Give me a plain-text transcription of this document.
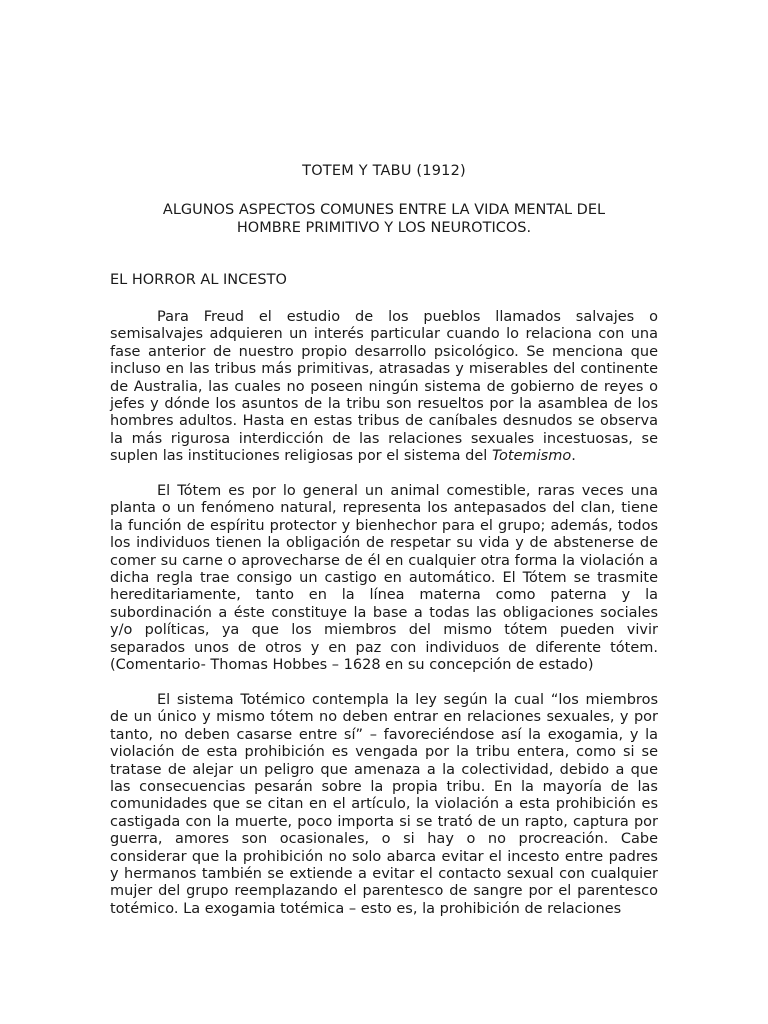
TOTEM Y TABU (1912)
ALGUNOS ASPECTOS COMUNES ENTRE LA VIDA MENTAL DEL
HOMBRE PRIMITIVO Y LOS NEUROTICOS.
EL HORROR AL INCESTO

Para Freud el estudio de los pueblos llamados salvajes o semisalvajes adquieren un interés particular cuando lo relaciona con una fase anterior de nuestro propio desarrollo psicológico. Se menciona que incluso en las tribus más primitivas, atrasadas y miserables del continente de Australia, las cuales no poseen ningún sistema de gobierno de reyes o jefes y dónde los asuntos de la tribu son resueltos por la asamblea de los hombres adultos. Hasta en estas tribus de caníbales desnudos se observa la más rigurosa interdicción de las relaciones sexuales incestuosas, se suplen las instituciones religiosas por el sistema del Totemismo.

El Tótem es por lo general un animal comestible, raras veces una planta o un fenómeno natural, representa los antepasados del clan, tiene la función de espíritu protector y bienhechor para el grupo; además, todos los individuos tienen la obligación de respetar su vida y de abstenerse de comer su carne o aprovecharse de él en cualquier otra forma la violación a dicha regla trae consigo un castigo en automático. El Tótem se trasmite hereditariamente, tanto en la línea materna como paterna y la subordinación a éste constituye la base a todas las obligaciones sociales y/o políticas, ya que los miembros del mismo tótem pueden vivir separados unos de otros y en paz con individuos de diferente tótem. (Comentario- Thomas Hobbes – 1628 en su concepción de estado)

El sistema Totémico contempla la ley según la cual “los miembros de un único y mismo tótem no deben entrar en relaciones sexuales, y por tanto, no deben casarse entre sí” – favoreciéndose así la exogamia, y la violación de esta prohibición es vengada por la tribu entera, como si se tratase de alejar un peligro que amenaza a la colectividad, debido a que las consecuencias pesarán sobre la propia tribu. En la mayoría de las comunidades que se citan en el artículo, la violación a esta prohibición es castigada con la muerte, poco importa si se trató de un rapto, captura por guerra, amores son ocasionales, o si hay o no procreación. Cabe considerar que la prohibición no solo abarca evitar el incesto entre padres y hermanos también se extiende a evitar el contacto sexual con cualquier mujer del grupo reemplazando el parentesco de sangre por el parentesco totémico. La exogamia totémica – esto es, la prohibición de relaciones
